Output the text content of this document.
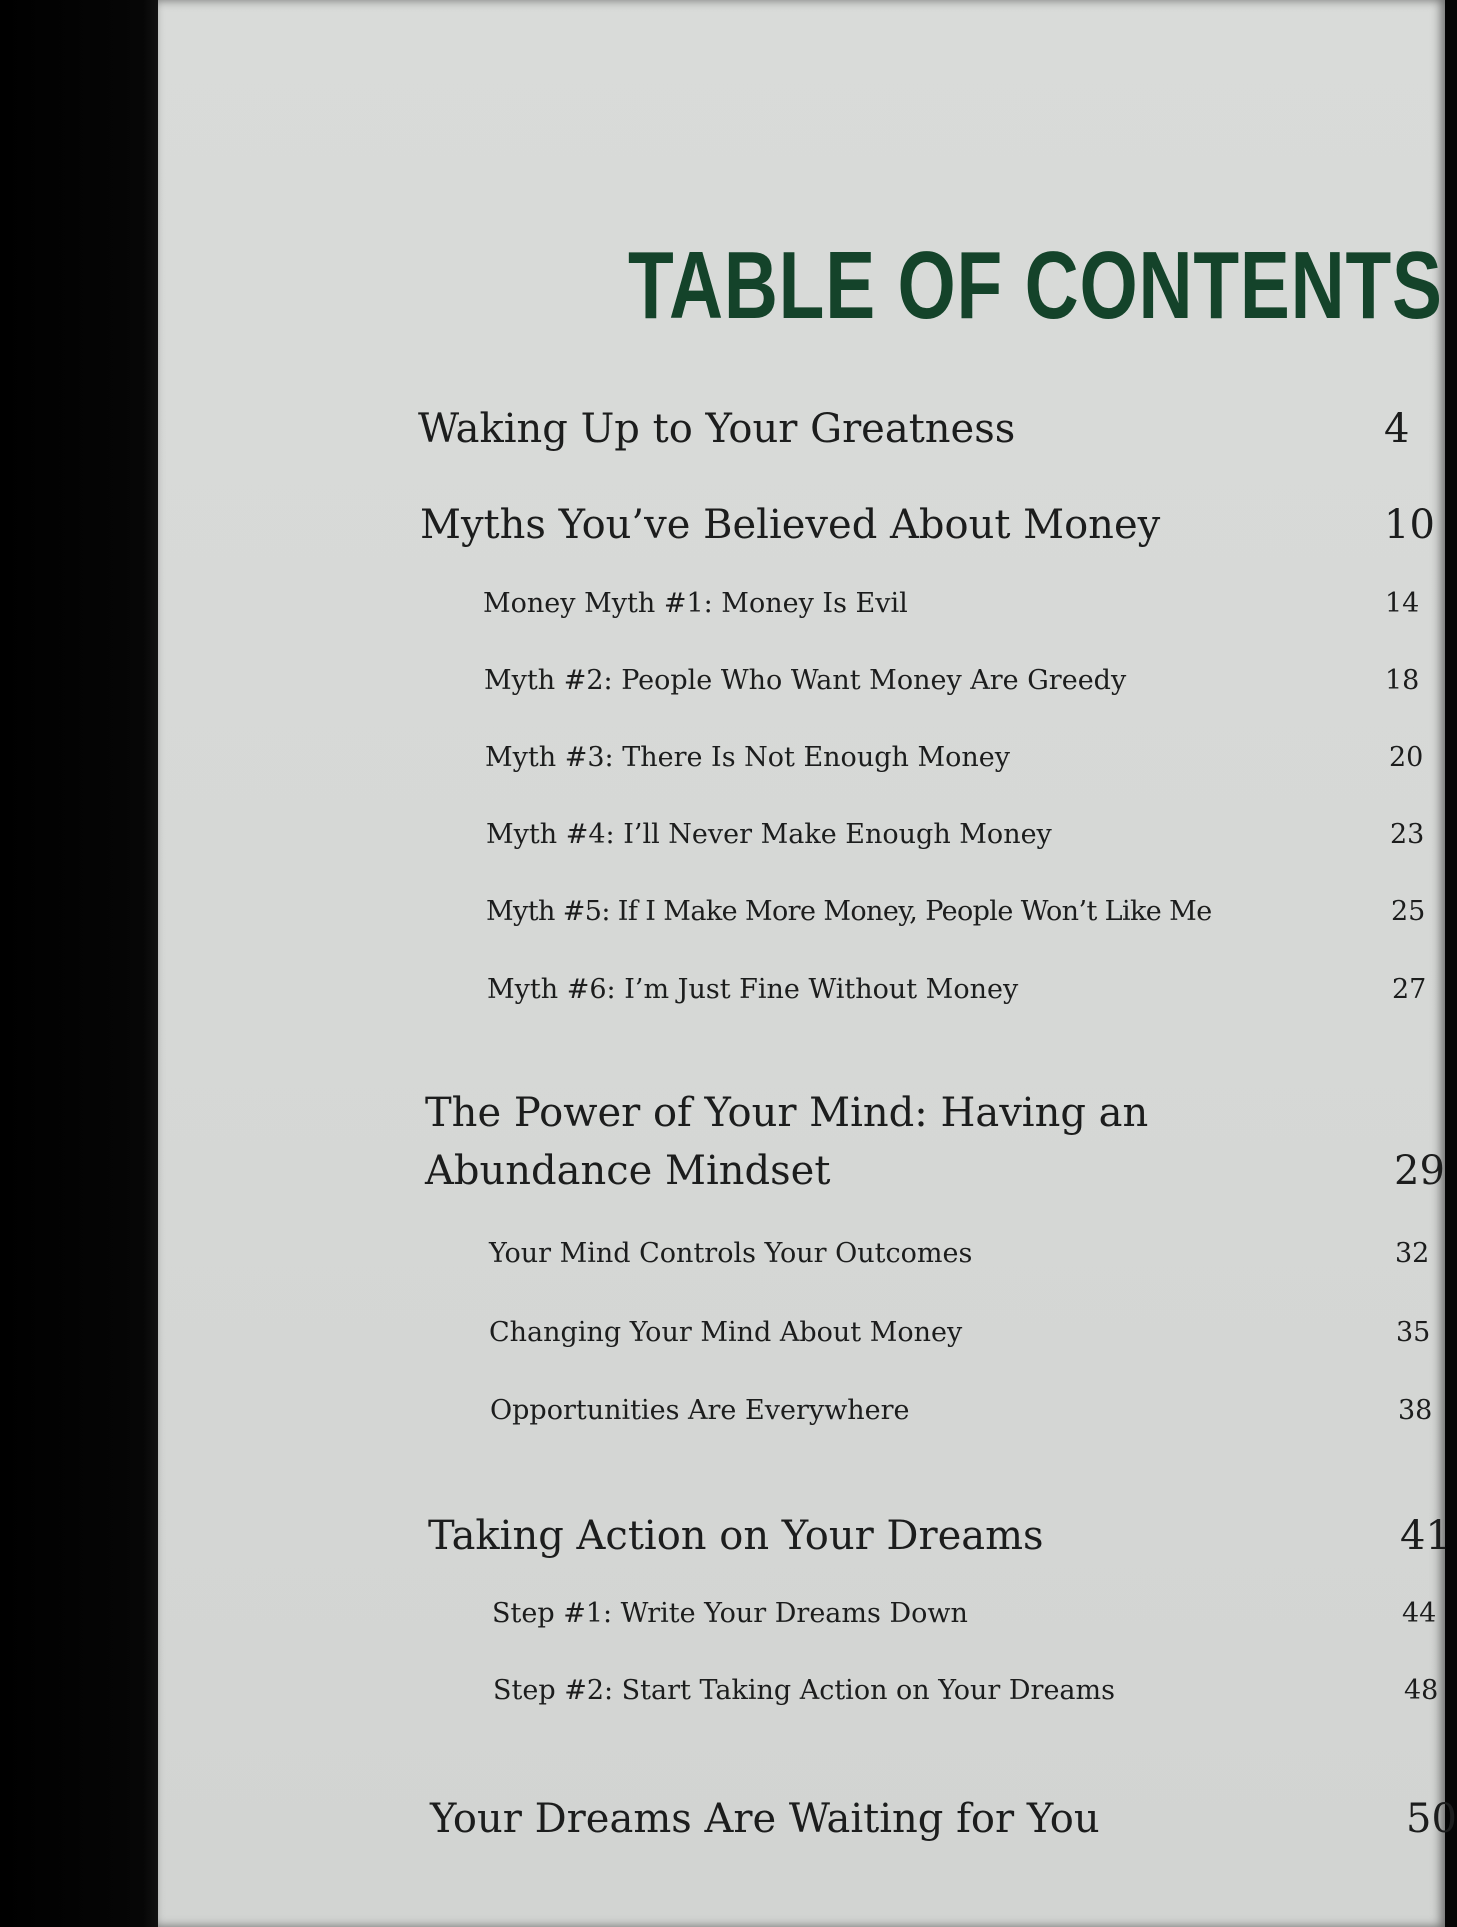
TABLE OF CONTENTS
Waking Up to Your Greatness	4
Myths You’ve Believed About Money	10
Money Myth #1: Money Is Evil	14
Myth #2: People Who Want Money Are Greedy	18
Myth #3: There Is Not Enough Money	20
Myth #4: I’ll Never Make Enough Money	23
Myth #5: If I Make More Money, People Won’t Like Me	25
Myth #6: I’m Just Fine Without Money	27
The Power of Your Mind: Having an
Abundance Mindset	29
Your Mind Controls Your Outcomes	32
Changing Your Mind About Money	35
Opportunities Are Everywhere	38
Taking Action on Your Dreams	41
Step #1: Write Your Dreams Down	44
Step #2: Start Taking Action on Your Dreams	48
Your Dreams Are Waiting for You	50
